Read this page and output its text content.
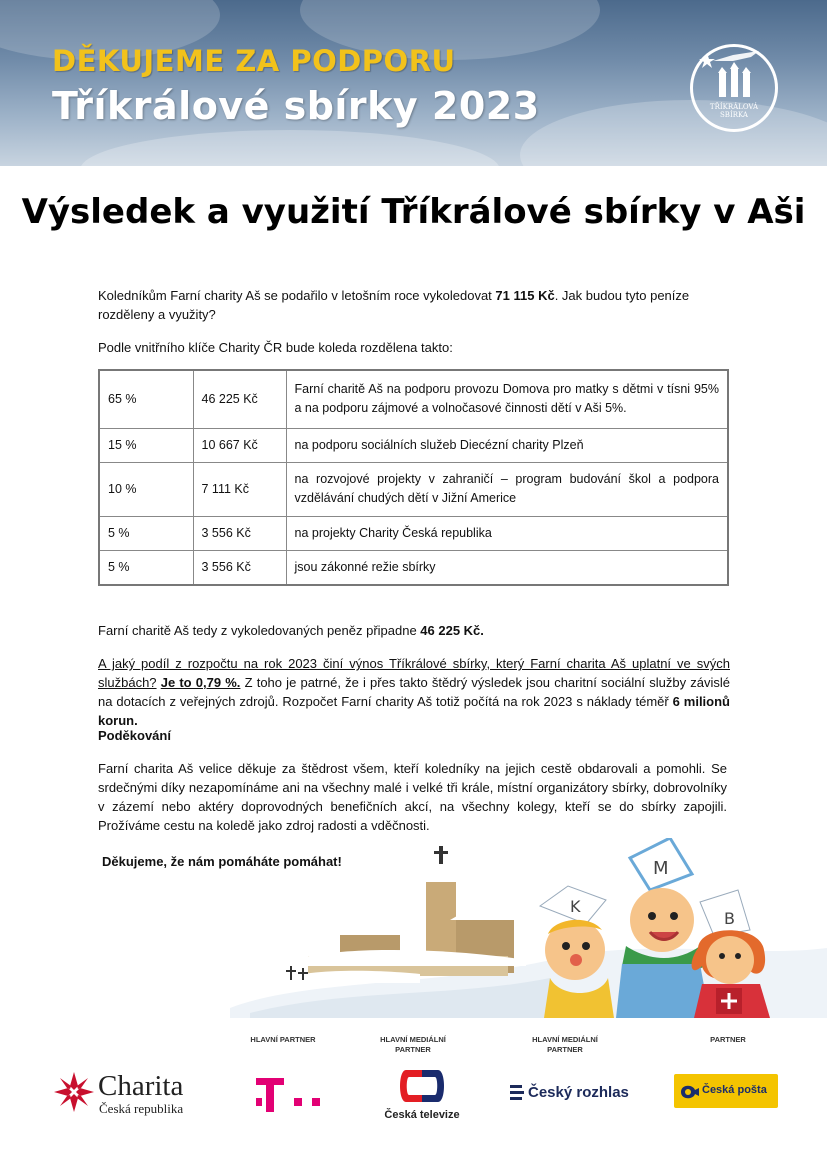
DĚKUJEME ZA PODPORU
Tříkrálové sbírky 2023	TŘÍKRÁLOVÁ
SBÍRKA
Výsledek a využití Tříkrálové sbírky v Aši

Koledníkům Farní charity Aš se podařilo v letošním roce vykoledovat 71 115 Kč. Jak budou tyto peníze rozděleny a využity?

Podle vnitřního klíče Charity ČR bude koleda rozdělena takto:

65 %	46 225 Kč	Farní charitě Aš na podporu provozu Domova pro matky s dětmi v tísni 95% a na podporu zájmové a volnočasové činnosti dětí v Aši 5%.
15 %	10 667 Kč	na podporu sociálních služeb Diecézní charity Plzeň
10 %	7 111 Kč	na rozvojové projekty v zahraničí – program budování škol a podpora vzdělávání chudých dětí v Jižní Americe
5 %	3 556 Kč	na projekty Charity Česká republika
5 %	3 556 Kč	jsou zákonné režie sbírky

Farní charitě Aš tedy z vykoledovaných peněz připadne 46 225 Kč.

A jaký podíl z rozpočtu na rok 2023 činí výnos Tříkrálové sbírky, který Farní charita Aš uplatní ve svých službách? Je to 0,79 %. Z toho je patrné, že i přes takto štědrý výsledek jsou charitní sociální služby závislé na dotacích z veřejných zdrojů. Rozpočet Farní charity Aš totiž počítá na rok 2023 s náklady téměř 6 milionů korun.

Poděkování

Farní charita Aš velice děkuje za štědrost všem, kteří koledníky na jejich cestě obdarovali a pomohli. Se srdečnými díky nezapomínáme ani na všechny malé i velké tři krále, místní organizátory sbírky, dobrovolníky v zázemí nebo aktéry doprovodných benefičních akcí, na všechny kolegy, kteří se do sbírky zapojili. Prožíváme cestu na koledě jako zdroj radosti a vděčnosti.

Děkujeme, že nám pomáháte pomáhat!

K
M
B
HLAVNÍ PARTNER	HLAVNÍ MEDIÁLNÍ PARTNER
HLAVNÍ MEDIÁLNÍ PARTNER
PARTNER
Charita
Česká republika	Česká televize
Český rozhlas	Česká pošta
